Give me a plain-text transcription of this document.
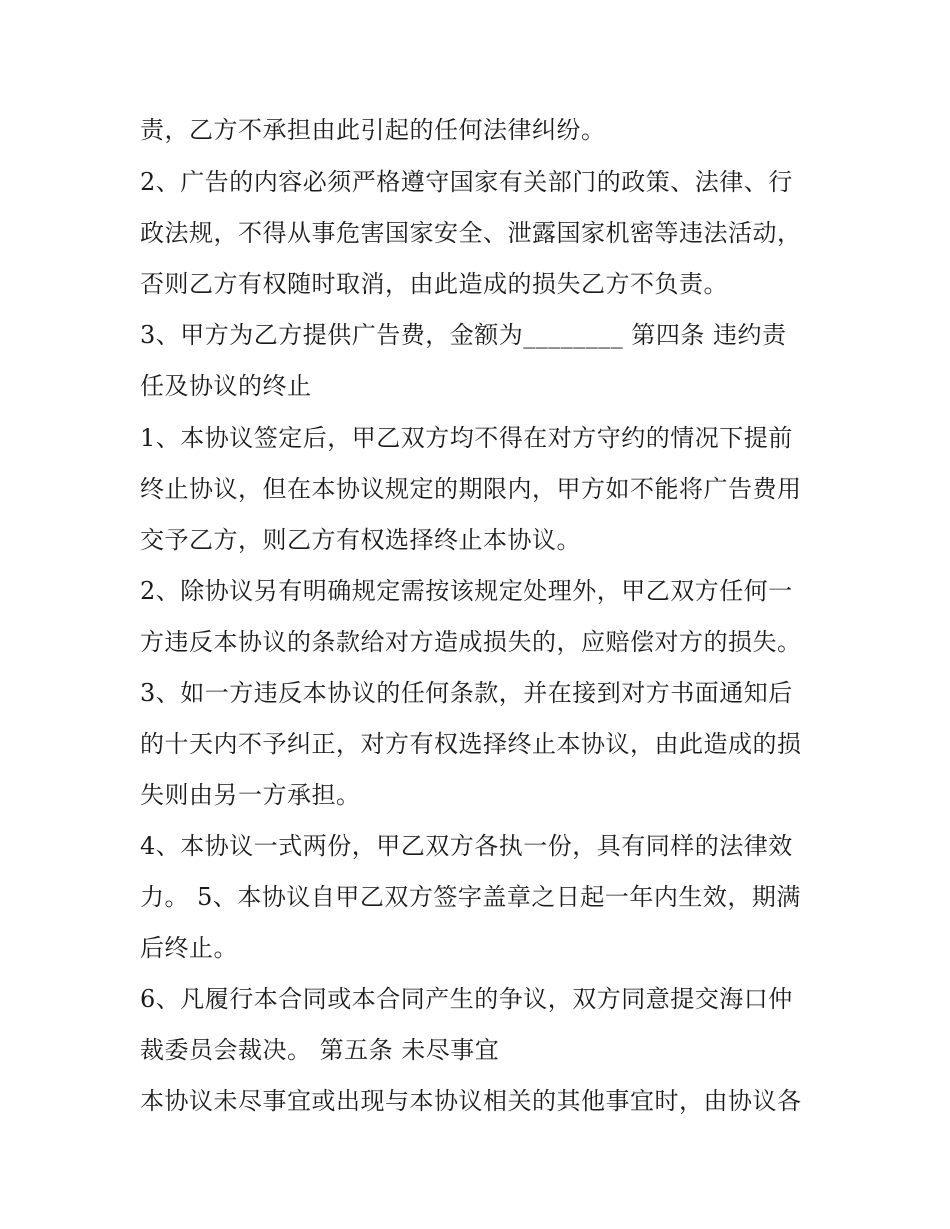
责，乙方不承担由此引起的任何法律纠纷。
2、广告的内容必须严格遵守国家有关部门的政策、法律、行
政法规，不得从事危害国家安全、泄露国家机密等违法活动，
否则乙方有权随时取消，由此造成的损失乙方不负责。
3、甲方为乙方提供广告费，金额为________ 第四条 违约责
任及协议的终止
1、本协议签定后，甲乙双方均不得在对方守约的情况下提前
终止协议，但在本协议规定的期限内，甲方如不能将广告费用
交予乙方，则乙方有权选择终止本协议。
2、除协议另有明确规定需按该规定处理外，甲乙双方任何一
方违反本协议的条款给对方造成损失的，应赔偿对方的损失。
3、如一方违反本协议的任何条款，并在接到对方书面通知后
的十天内不予纠正，对方有权选择终止本协议，由此造成的损
失则由另一方承担。
4、本协议一式两份，甲乙双方各执一份，具有同样的法律效
力。 5、本协议自甲乙双方签字盖章之日起一年内生效，期满
后终止。
6、凡履行本合同或本合同产生的争议，双方同意提交海口仲
裁委员会裁决。 第五条 未尽事宜
本协议未尽事宜或出现与本协议相关的其他事宜时，由协议各
